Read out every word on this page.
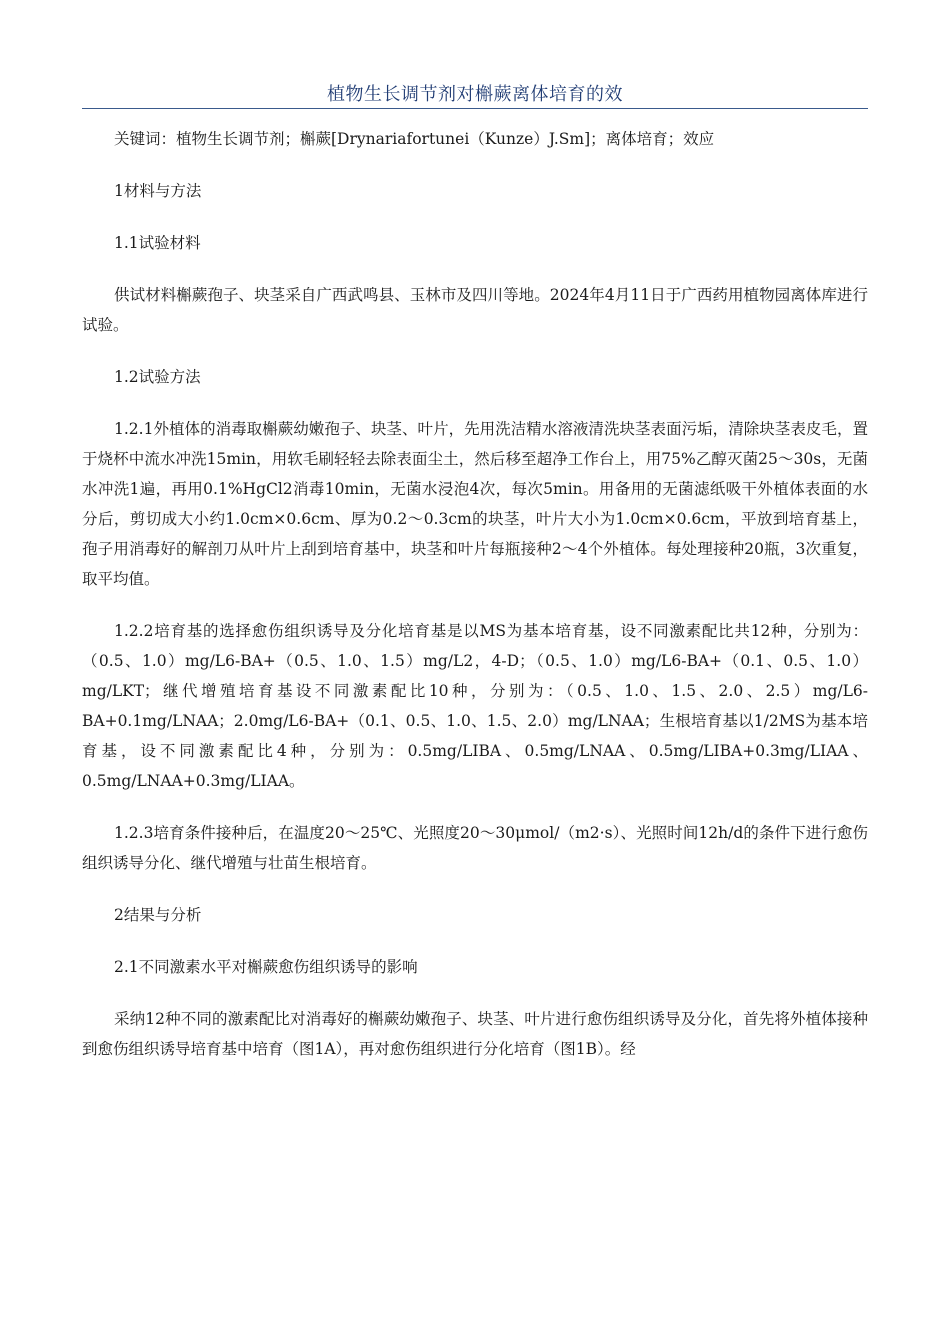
植物生长调节剂对槲蕨离体培育的效

关键词：植物生长调节剂；槲蕨[Drynariafortunei（Kunze）J.Sm]；离体培育；效应

1材料与方法

1.1试验材料

供试材料槲蕨孢子、块茎采自广西武鸣县、玉林市及四川等地。2024年4月11日于广西药用植物园离体库进行试验。

1.2试验方法

1.2.1外植体的消毒取槲蕨幼嫩孢子、块茎、叶片，先用洗洁精水溶液清洗块茎表面污垢，清除块茎表皮毛，置于烧杯中流水冲洗15min，用软毛刷轻轻去除表面尘土，然后移至超净工作台上，用75%乙醇灭菌25～30s，无菌水冲洗1遍，再用0.1%HgCl2消毒10min，无菌水浸泡4次，每次5min。用备用的无菌滤纸吸干外植体表面的水分后，剪切成大小约1.0cm×0.6cm、厚为0.2～0.3cm的块茎，叶片大小为1.0cm×0.6cm，平放到培育基上，孢子用消毒好的解剖刀从叶片上刮到培育基中，块茎和叶片每瓶接种2～4个外植体。每处理接种20瓶，3次重复，取平均值。

1.2.2培育基的选择愈伤组织诱导及分化培育基是以MS为基本培育基，设不同激素配比共12种，分别为：（0.5、1.0）mg/L6-BA+（0.5、1.0、1.5）mg/L2，4-D；（0.5、1.0）mg/L6-BA+（0.1、0.5、1.0）mg/LKT；继代增殖培育基设不同激素配比10种，分别为：（0.5、1.0、1.5、2.0、2.5）mg/L6-BA+0.1mg/LNAA；2.0mg/L6-BA+（0.1、0.5、1.0、1.5、2.0）mg/LNAA；生根培育基以1/2MS为基本培育基，设不同激素配比4种，分别为：0.5mg/LIBA、0.5mg/LNAA、0.5mg/LIBA+0.3mg/LIAA、0.5mg/LNAA+0.3mg/LIAA。

1.2.3培育条件接种后，在温度20～25℃、光照度20～30μmol/（m2·s）、光照时间12h/d的条件下进行愈伤组织诱导分化、继代增殖与壮苗生根培育。

2结果与分析

2.1不同激素水平对槲蕨愈伤组织诱导的影响

采纳12种不同的激素配比对消毒好的槲蕨幼嫩孢子、块茎、叶片进行愈伤组织诱导及分化，首先将外植体接种到愈伤组织诱导培育基中培育（图1A），再对愈伤组织进行分化培育（图1B）。经
